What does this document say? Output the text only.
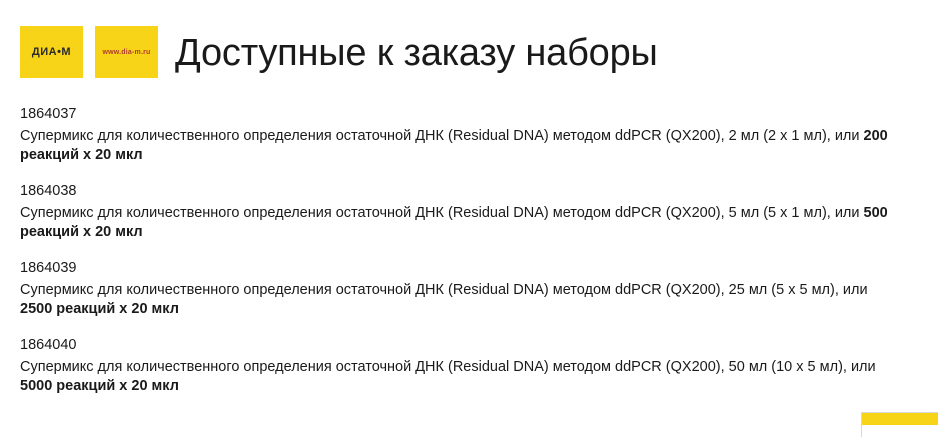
ДИА•М	www.dia-m.ru Доступные к заказу наборы
1864037
Супермикс для количественного определения остаточной ДНК (Residual DNA) методом ddPCR (QX200), 2 мл (2 x 1 мл), или 200 реакций x 20 мкл
1864038
Супермикс для количественного определения остаточной ДНК (Residual DNA) методом ddPCR (QX200), 5 мл (5 x 1 мл), или 500 реакций x 20 мкл
1864039
Супермикс для количественного определения остаточной ДНК (Residual DNA) методом ddPCR (QX200), 25 мл (5 x 5 мл), или 2500 реакций x 20 мкл
1864040
Супермикс для количественного определения остаточной ДНК (Residual DNA) методом ddPCR (QX200), 50 мл (10 x 5 мл), или 5000 реакций x 20 мкл
